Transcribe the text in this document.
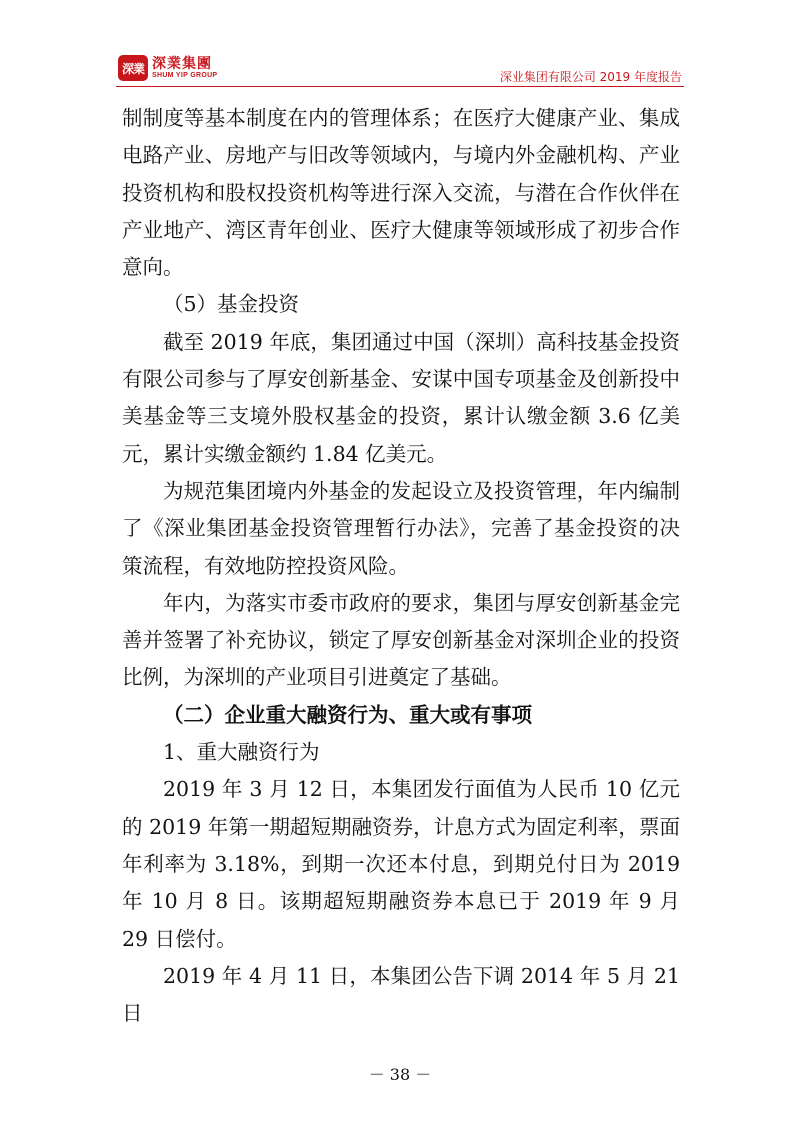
深業 深業集團
SHUM YIP GROUP	深业集团有限公司 2019 年度报告

制制度等基本制度在内的管理体系；在医疗大健康产业、集成电路产业、房地产与旧改等领域内，与境内外金融机构、产业投资机构和股权投资机构等进行深入交流，与潜在合作伙伴在产业地产、湾区青年创业、医疗大健康等领域形成了初步合作意向。

（5）基金投资

截至 2019 年底，集团通过中国（深圳）高科技基金投资有限公司参与了厚安创新基金、安谋中国专项基金及创新投中美基金等三支境外股权基金的投资，累计认缴金额 3.6 亿美元，累计实缴金额约 1.84 亿美元。

为规范集团境内外基金的发起设立及投资管理，年内编制了《深业集团基金投资管理暂行办法》，完善了基金投资的决策流程，有效地防控投资风险。

年内，为落实市委市政府的要求，集团与厚安创新基金完善并签署了补充协议，锁定了厚安创新基金对深圳企业的投资比例，为深圳的产业项目引进奠定了基础。

（二）企业重大融资行为、重大或有事项

1、重大融资行为

2019 年 3 月 12 日，本集团发行面值为人民币 10 亿元的 2019 年第一期超短期融资券，计息方式为固定利率，票面年利率为 3.18%，到期一次还本付息，到期兑付日为 2019 年 10 月 8 日。该期超短期融资券本息已于 2019 年 9 月 29 日偿付。

2019 年 4 月 11 日，本集团公告下调 2014 年 5 月 21 日

－ 38 －
